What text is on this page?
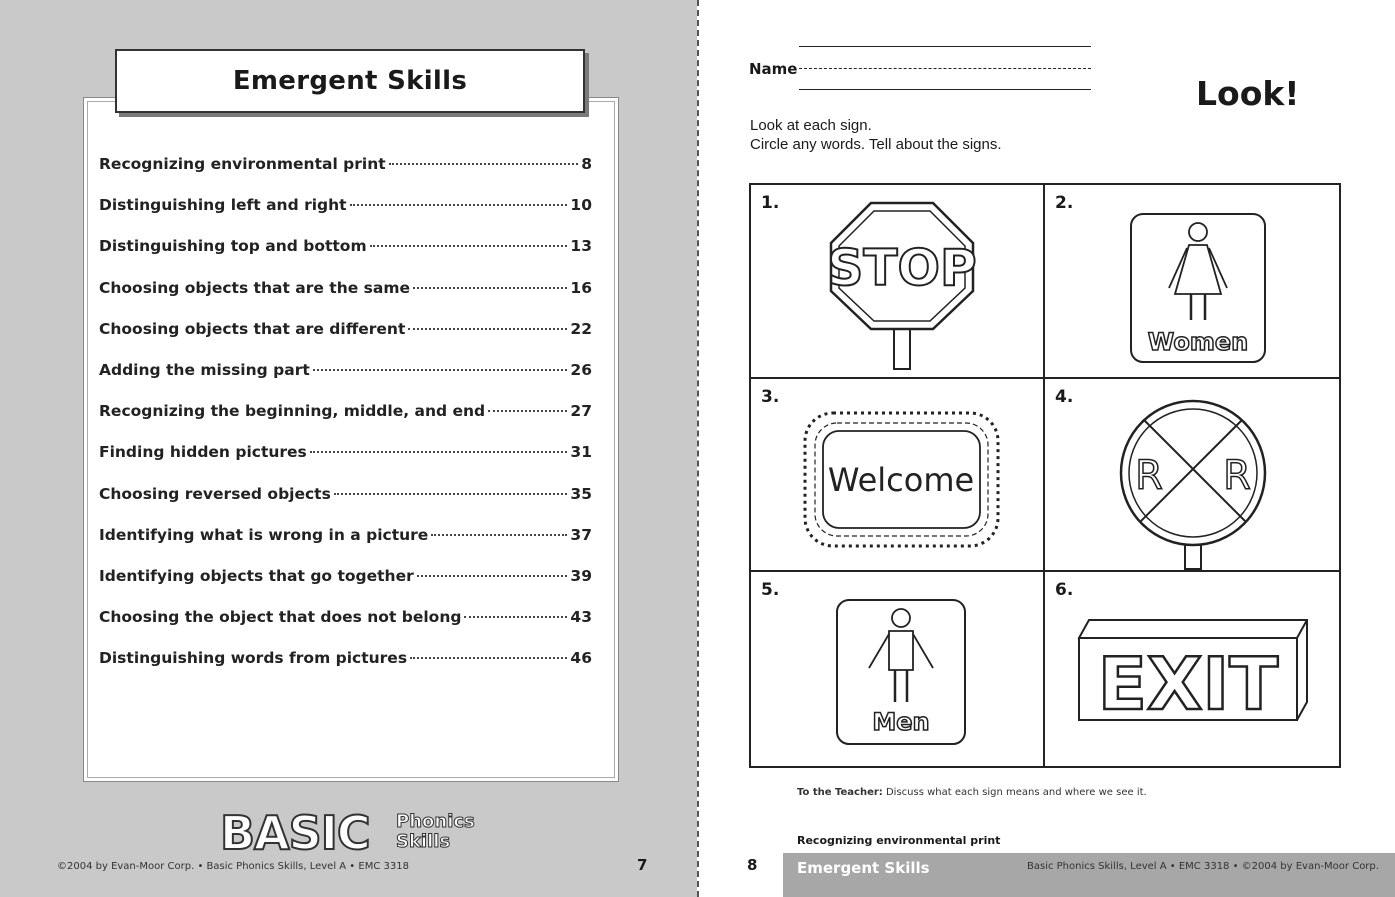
Emergent Skills
Recognizing environmental print	8
Distinguishing left and right	10
Distinguishing top and bottom	13
Choosing objects that are the same	16
Choosing objects that are different	22
Adding the missing part	26
Recognizing the beginning, middle, and end	27
Finding hidden pictures	31
Choosing reversed objects	35
Identifying what is wrong in a picture	37
Identifying objects that go together	39
Choosing the object that does not belong	43
Distinguishing words from pictures	46
BASIC Phonics
Skills
©2004 by Evan-Moor Corp. • Basic Phonics Skills, Level A • EMC 3318	7
Name
Look!
Look at each sign.
Circle any words. Tell about the signs.
1.
STOP
2.
Women
3.
Welcome
4.
R R
5.
Men
6.
EXIT
To the Teacher: Discuss what each sign means and where we see it.
Recognizing environmental print
8	Emergent Skills	Basic Phonics Skills, Level A • EMC 3318 • ©2004 by Evan-Moor Corp.
